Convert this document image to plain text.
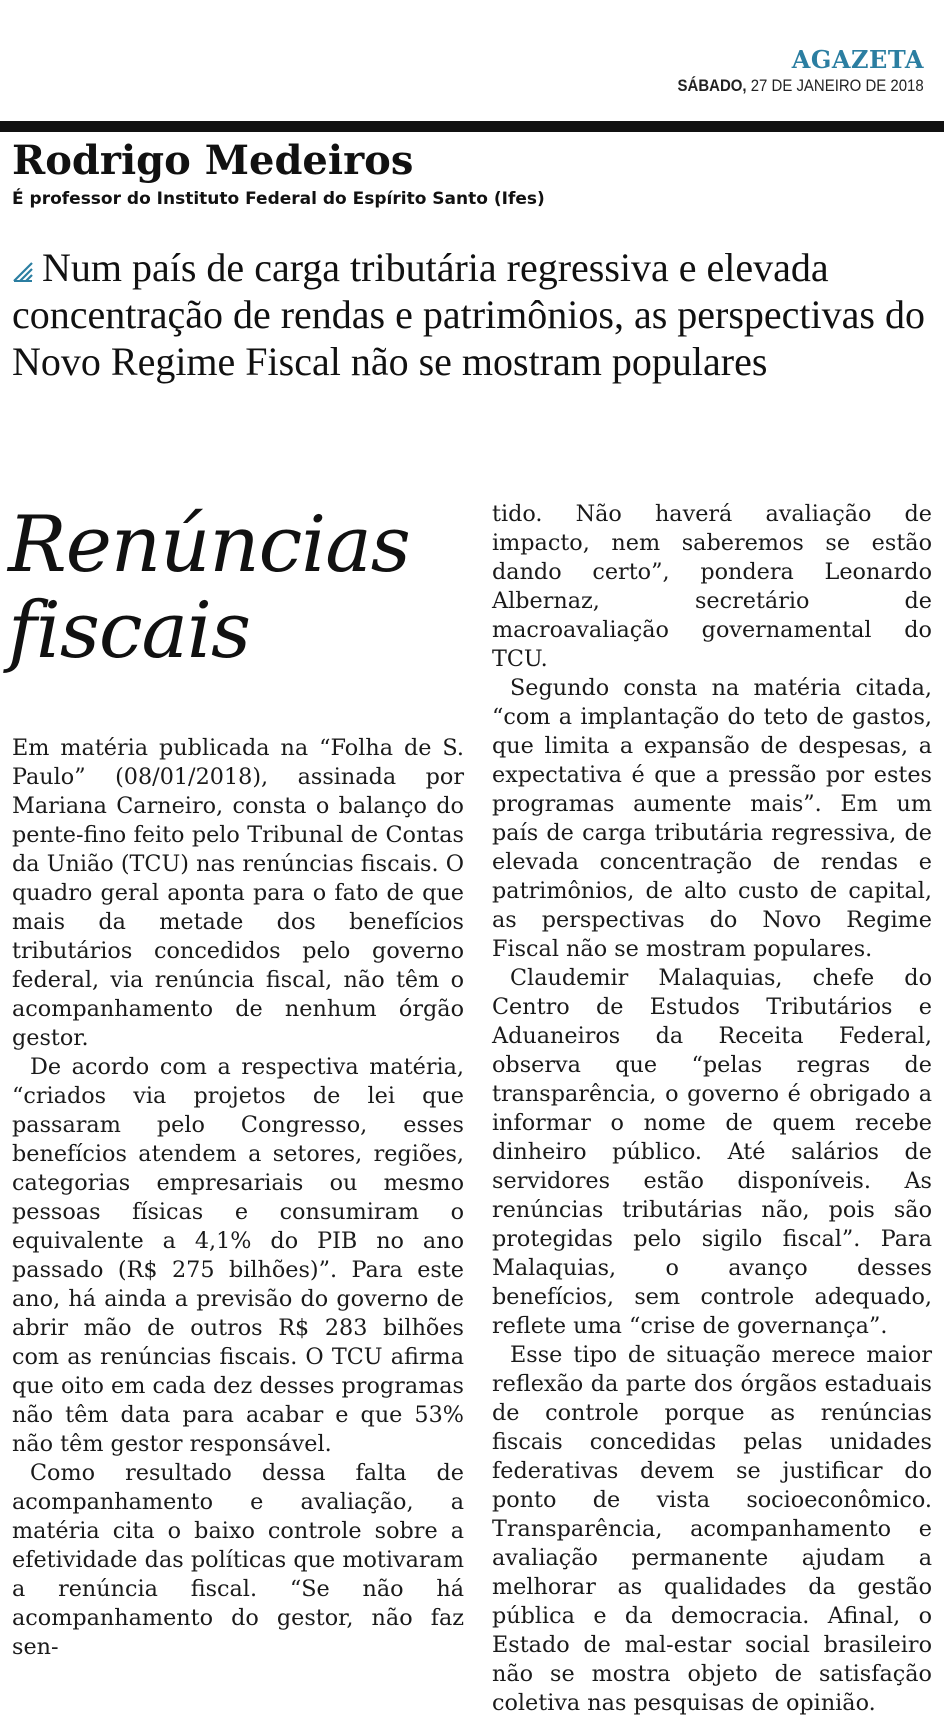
AGAZETA
SÁBADO, 27 DE JANEIRO DE 2018
Rodrigo Medeiros
É professor do Instituto Federal do Espírito Santo (Ifes)
Num país de carga tributária regressiva e elevada concentração de rendas e patrimônios, as perspectivas do Novo Regime Fiscal não se mostram populares
Renúncias
fiscais

Em matéria publicada na “Folha de S. Paulo” (08/01/2018), assinada por Mariana Carneiro, consta o balanço do pente-fino feito pelo Tribunal de Contas da União (TCU) nas renúncias fiscais. O quadro geral aponta para o fato de que mais da metade dos benefícios tributários concedidos pelo governo federal, via renúncia fiscal, não têm o acompanhamento de nenhum órgão gestor.

De acordo com a respectiva matéria, “criados via projetos de lei que passaram pelo Congresso, esses benefícios atendem a setores, regiões, categorias empresariais ou mesmo pessoas físicas e consumiram o equivalente a 4,1% do PIB no ano passado (R$ 275 bilhões)”. Para este ano, há ainda a previsão do governo de abrir mão de outros R$ 283 bilhões com as renúncias fiscais. O TCU afirma que oito em cada dez desses programas não têm data para acabar e que 53% não têm gestor responsável.

Como resultado dessa falta de acompanhamento e avaliação, a matéria cita o baixo controle sobre a efetividade das políticas que motivaram a renúncia fiscal. “Se não há acompanhamento do gestor, não faz sen-

tido. Não haverá avaliação de impacto, nem saberemos se estão dando certo”, pondera Leonardo Albernaz, secretário de macroavaliação governamental do TCU.

Segundo consta na matéria citada, “com a implantação do teto de gastos, que limita a expansão de despesas, a expectativa é que a pressão por estes programas aumente mais”. Em um país de carga tributária regressiva, de elevada concentração de rendas e patrimônios, de alto custo de capital, as perspectivas do Novo Regime Fiscal não se mostram populares.

Claudemir Malaquias, chefe do Centro de Estudos Tributários e Aduaneiros da Receita Federal, observa que “pelas regras de transparência, o governo é obrigado a informar o nome de quem recebe dinheiro público. Até salários de servidores estão disponíveis. As renúncias tributárias não, pois são protegidas pelo sigilo fiscal”. Para Malaquias, o avanço desses benefícios, sem controle adequado, reflete uma “crise de governança”.

Esse tipo de situação merece maior reflexão da parte dos órgãos estaduais de controle porque as renúncias fiscais concedidas pelas unidades federativas devem se justificar do ponto de vista socioeconômico. Transparência, acompanhamento e avaliação permanente ajudam a melhorar as qualidades da gestão pública e da democracia. Afinal, o Estado de mal-estar social brasileiro não se mostra objeto de satisfação coletiva nas pesquisas de opinião.
